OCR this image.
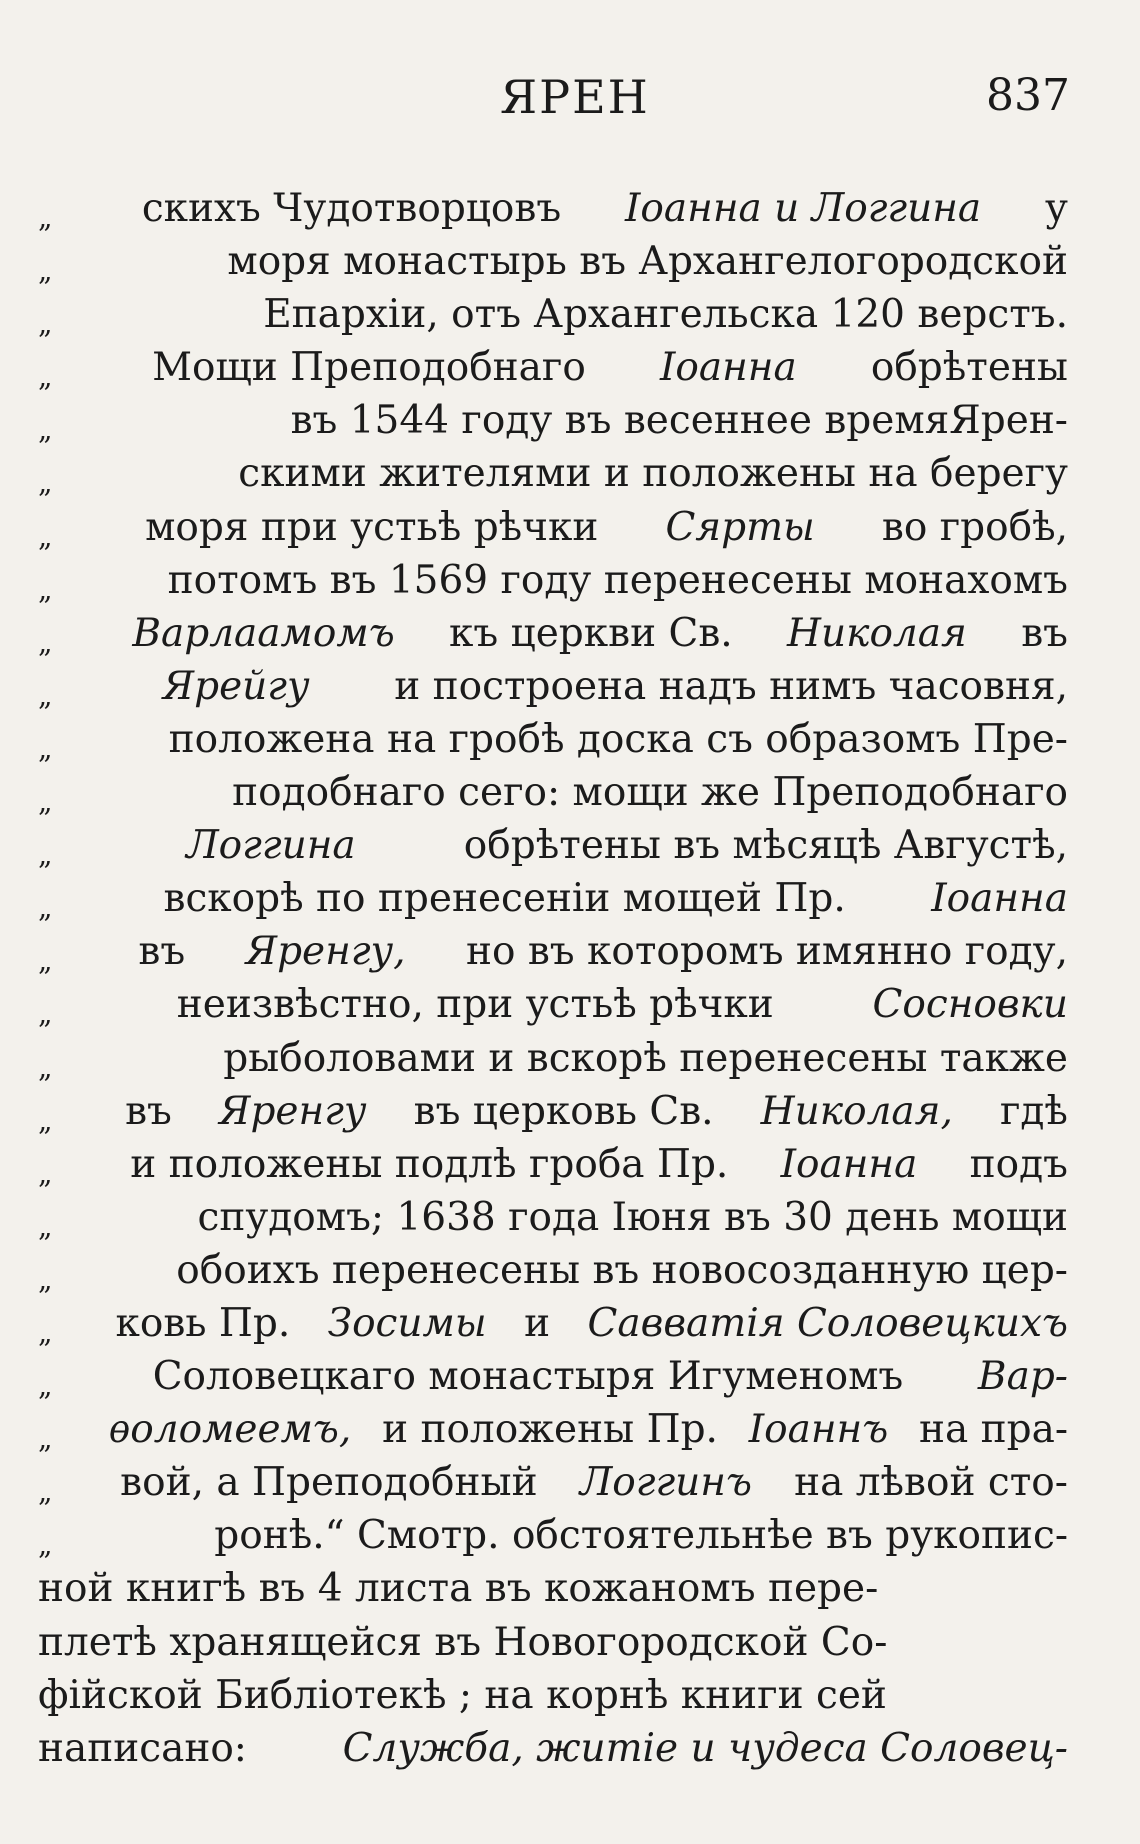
ЯРЕН	837
„	скихъ Чудотворцовъ Іоанна и Логгина у
„	моря монастырь въ Архангелогородской
„	Епархіи, отъ Архангельска 120 верстъ.
„	Мощи Преподобнаго Іоанна обрѣтены
„	въ 1544 году въ весеннее времяЯрен-
„	скими жителями и положены на берегу
„	моря при устьѣ рѣчки Сярты во гробѣ,
„	потомъ въ 1569 году перенесены монахомъ
„	Варлаамомъ къ церкви Св. Николая въ
„	Ярейгу и построена надъ нимъ часовня,
„	положена на гробѣ доска съ образомъ Пре-
„	подобнаго сего: мощи же Преподобнаго
„	Логгина	обрѣтены въ мѣсяцѣ Августѣ,
„	вскорѣ по пренесеніи мощей Пр. Іоанна
„	въ Яренгу, но въ которомъ имянно году,
„	неизвѣстно, при устьѣ рѣчки	Сосновки
„	рыболовами и вскорѣ перенесены также
„	въ Яренгу въ церковь Св. Николая, гдѣ
„	и положены подлѣ гроба Пр. Іоанна подъ
„	спудомъ; 1638 года Іюня въ 30 день мощи
„	обоихъ перенесены въ новосозданную цер-
„	ковь Пр. Зосимы и Савватія Соловецкихъ
„	Соловецкаго монастыря Игуменомъ Вар-
„	ѳоломеемъ, и положены Пр. Іоаннъ на пра-
„	вой, а Преподобный Логгинъ на лѣвой сто-
„	ронѣ.“ Смотр. обстоятельнѣе въ рукопис-
ной книгѣ въ 4 листа въ кожаномъ пере-
плетѣ хранящейся въ Новогородской Со-
фійской Библіотекѣ ; на корнѣ книги сей
написано: Служба, житіе и чудеса Соловец-
